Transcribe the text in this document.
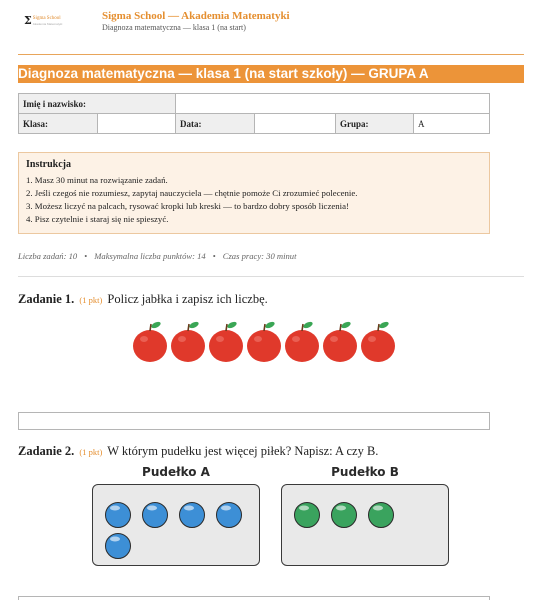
Σ Sigma School
Akademia Matematyki
Sigma School — Akademia Matematyki
Diagnoza matematyczna — klasa 1 (na start)
Diagnoza matematyczna — klasa 1 (na start szkoły) — GRUPA A
Imię i nazwisko:					
Klasa:		Data:		Grupa:	A
Instrukcja
1. Masz 30 minut na rozwiązanie zadań.
2. Jeśli czegoś nie rozumiesz, zapytaj nauczyciela — chętnie pomoże Ci zrozumieć polecenie.
3. Możesz liczyć na palcach, rysować kropki lub kreski — to bardzo dobry sposób liczenia!
4. Pisz czytelnie i staraj się nie spieszyć.
Liczba zadań: 10 • Maksymalna liczba punktów: 14 • Czas pracy: 30 minut
Zadanie 1. (1 pkt) Policz jabłka i zapisz ich liczbę.
Zadanie 2. (1 pkt) W którym pudełku jest więcej piłek? Napisz: A czy B.
Pudełko A	Pudełko B
